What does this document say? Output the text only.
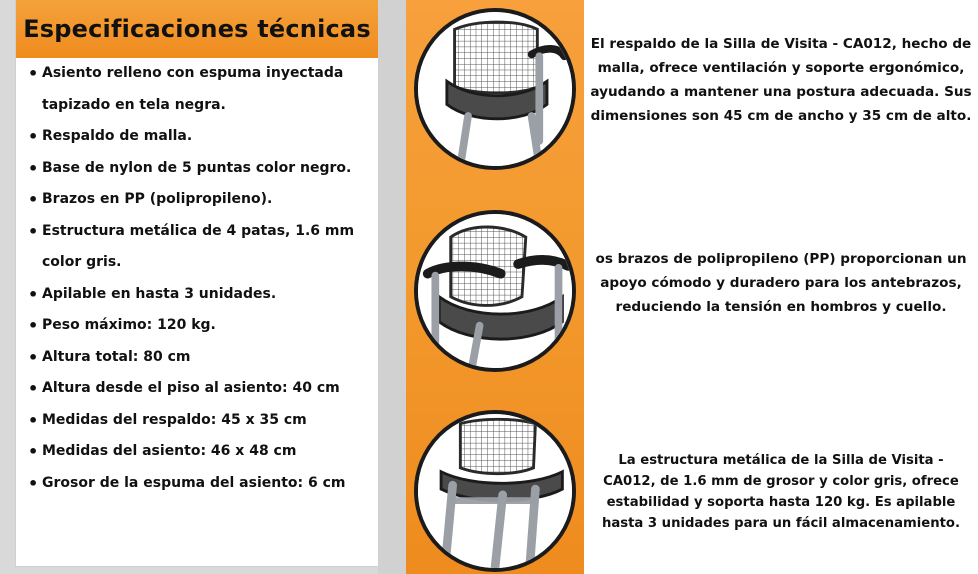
Especificaciones técnicas
• Asiento relleno con espuma inyectada tapizado en tela negra.
• Respaldo de malla.
• Base de nylon de 5 puntas color negro.
• Brazos en PP (polipropileno).
• Estructura metálica de 4 patas, 1.6 mm color gris.
• Apilable en hasta 3 unidades.
• Peso máximo: 120 kg.
• Altura total: 80 cm
• Altura desde el piso al asiento: 40 cm
• Medidas del respaldo: 45 x 35 cm
• Medidas del asiento: 46 x 48 cm
• Grosor de la espuma del asiento: 6 cm

El respaldo de la Silla de Visita - CA012, hecho de malla, ofrece ventilación y soporte ergonómico, ayudando a mantener una postura adecuada. Sus dimensiones son 45 cm de ancho y 35 cm de alto.

os brazos de polipropileno (PP) proporcionan un apoyo cómodo y duradero para los antebrazos, reduciendo la tensión en hombros y cuello.

La estructura metálica de la Silla de Visita - CA012, de 1.6 mm de grosor y color gris, ofrece estabilidad y soporta hasta 120 kg. Es apilable hasta 3 unidades para un fácil almacenamiento.
